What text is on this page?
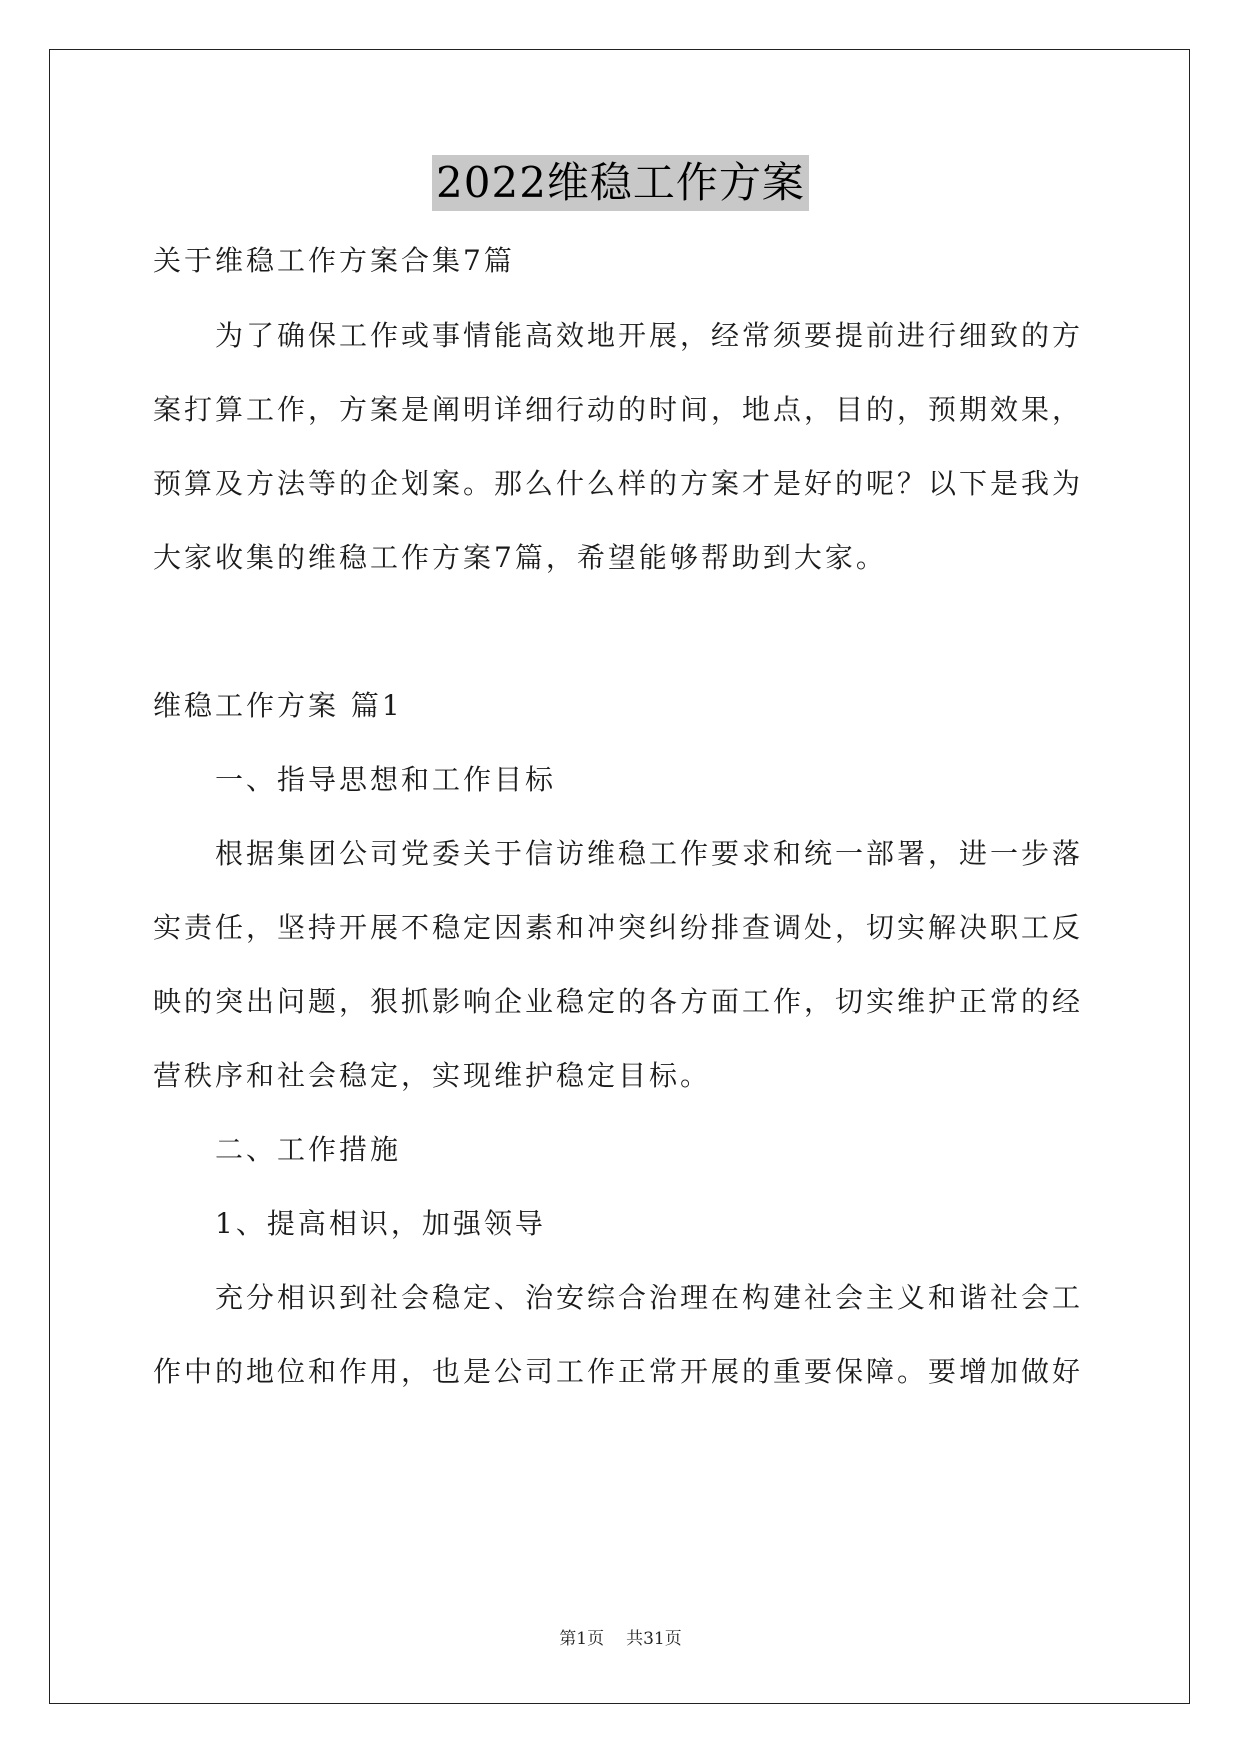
2022维稳工作方案
关于维稳工作方案合集7篇
为了确保工作或事情能高效地开展，经常须要提前进行细致的方
案打算工作，方案是阐明详细行动的时间，地点，目的，预期效果，
预算及方法等的企划案。那么什么样的方案才是好的呢？以下是我为
大家收集的维稳工作方案7篇，希望能够帮助到大家。
维稳工作方案 篇1
一、指导思想和工作目标
根据集团公司党委关于信访维稳工作要求和统一部署，进一步落
实责任，坚持开展不稳定因素和冲突纠纷排查调处，切实解决职工反
映的突出问题，狠抓影响企业稳定的各方面工作，切实维护正常的经
营秩序和社会稳定，实现维护稳定目标。
二、工作措施
1、提高相识，加强领导
充分相识到社会稳定、治安综合治理在构建社会主义和谐社会工
作中的地位和作用，也是公司工作正常开展的重要保障。要增加做好
第1页 共31页
